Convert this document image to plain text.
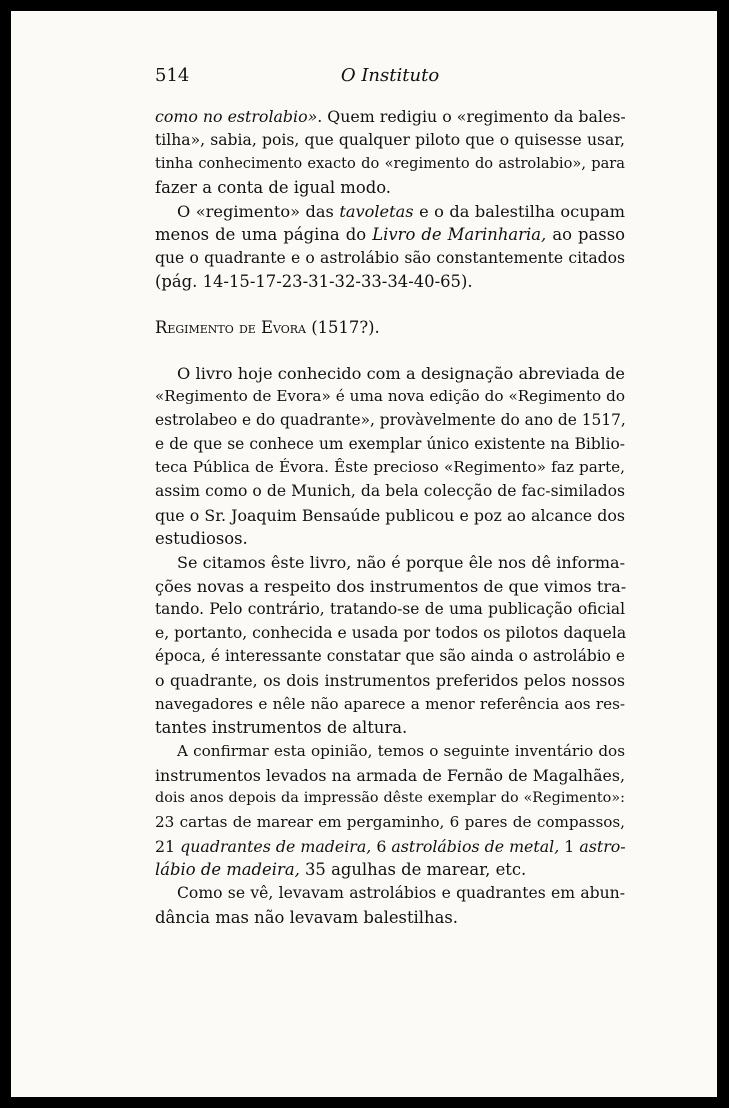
514	O Instituto
como no estrolabio». Quem redigiu o «regimento da bales-
tilha», sabia, pois, que qualquer piloto que o quisesse usar,
tinha conhecimento exacto do «regimento do astrolabio», para
fazer a conta de igual modo.
O «regimento» das tavoletas e o da balestilha ocupam
menos de uma página do Livro de Marinharia, ao passo
que o quadrante e o astrolábio são constantemente citados
(pág. 14-15-17-23-31-32-33-34-40-65).
Regimento de Evora (1517?).
O livro hoje conhecido com a designação abreviada de
«Regimento de Evora» é uma nova edição do «Regimento do
estrolabeo e do quadrante», provàvelmente do ano de 1517,
e de que se conhece um exemplar único existente na Biblio-
teca Pública de Évora. Êste precioso «Regimento» faz parte,
assim como o de Munich, da bela colecção de fac-similados
que o Sr. Joaquim Bensaúde publicou e poz ao alcance dos
estudiosos.
Se citamos êste livro, não é porque êle nos dê informa-
ções novas a respeito dos instrumentos de que vimos tra-
tando. Pelo contrário, tratando-se de uma publicação oficial
e, portanto, conhecida e usada por todos os pilotos daquela
época, é interessante constatar que são ainda o astrolábio e
o quadrante, os dois instrumentos preferidos pelos nossos
navegadores e nêle não aparece a menor referência aos res-
tantes instrumentos de altura.
A confirmar esta opinião, temos o seguinte inventário dos
instrumentos levados na armada de Fernão de Magalhães,
dois anos depois da impressão dêste exemplar do «Regimento»:
23 cartas de marear em pergaminho, 6 pares de compassos,
21 quadrantes de madeira, 6 astrolábios de metal, 1 astro-
lábio de madeira, 35 agulhas de marear, etc.
Como se vê, levavam astrolábios e quadrantes em abun-
dância mas não levavam balestilhas.
